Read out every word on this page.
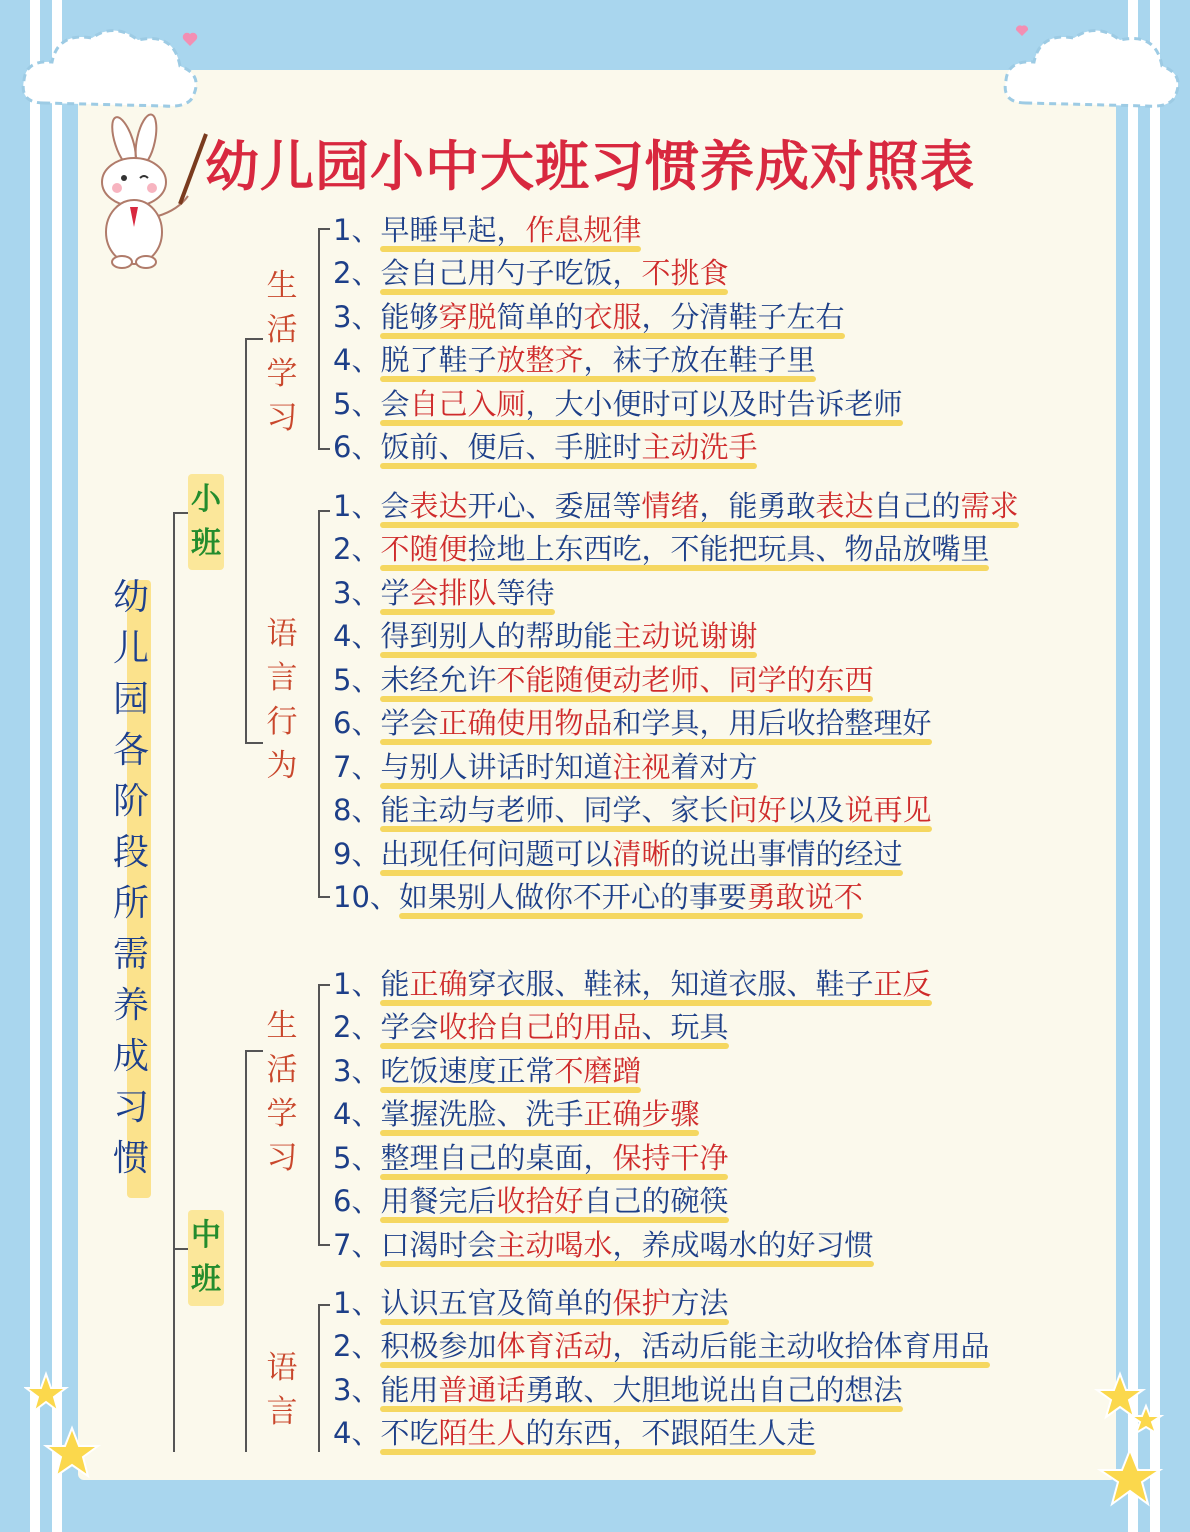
幼儿园小中大班习惯养成对照表
幼
儿
园
各
阶
段
所
需
养
成
习
惯
小
班
中
班
生
活
学
习
语
言
行
为
生
活
学
习
语
言
1、早睡早起，作息规律
2、会自己用勺子吃饭，不挑食
3、能够穿脱简单的衣服，分清鞋子左右
4、脱了鞋子放整齐，袜子放在鞋子里
5、会自己入厕，大小便时可以及时告诉老师
6、饭前、便后、手脏时主动洗手
1、会表达开心、委屈等情绪，能勇敢表达自己的需求
2、不随便捡地上东西吃，不能把玩具、物品放嘴里
3、学会排队等待
4、得到别人的帮助能主动说谢谢
5、未经允许不能随便动老师、同学的东西
6、学会正确使用物品和学具，用后收拾整理好
7、与别人讲话时知道注视着对方
8、能主动与老师、同学、家长问好以及说再见
9、出现任何问题可以清晰的说出事情的经过
10、如果别人做你不开心的事要勇敢说不
1、能正确穿衣服、鞋袜，知道衣服、鞋子正反
2、学会收拾自己的用品、玩具
3、吃饭速度正常不磨蹭
4、掌握洗脸、洗手正确步骤
5、整理自己的桌面，保持干净
6、用餐完后收拾好自己的碗筷
7、口渴时会主动喝水，养成喝水的好习惯
1、认识五官及简单的保护方法
2、积极参加体育活动，活动后能主动收拾体育用品
3、能用普通话勇敢、大胆地说出自己的想法
4、不吃陌生人的东西，不跟陌生人走
